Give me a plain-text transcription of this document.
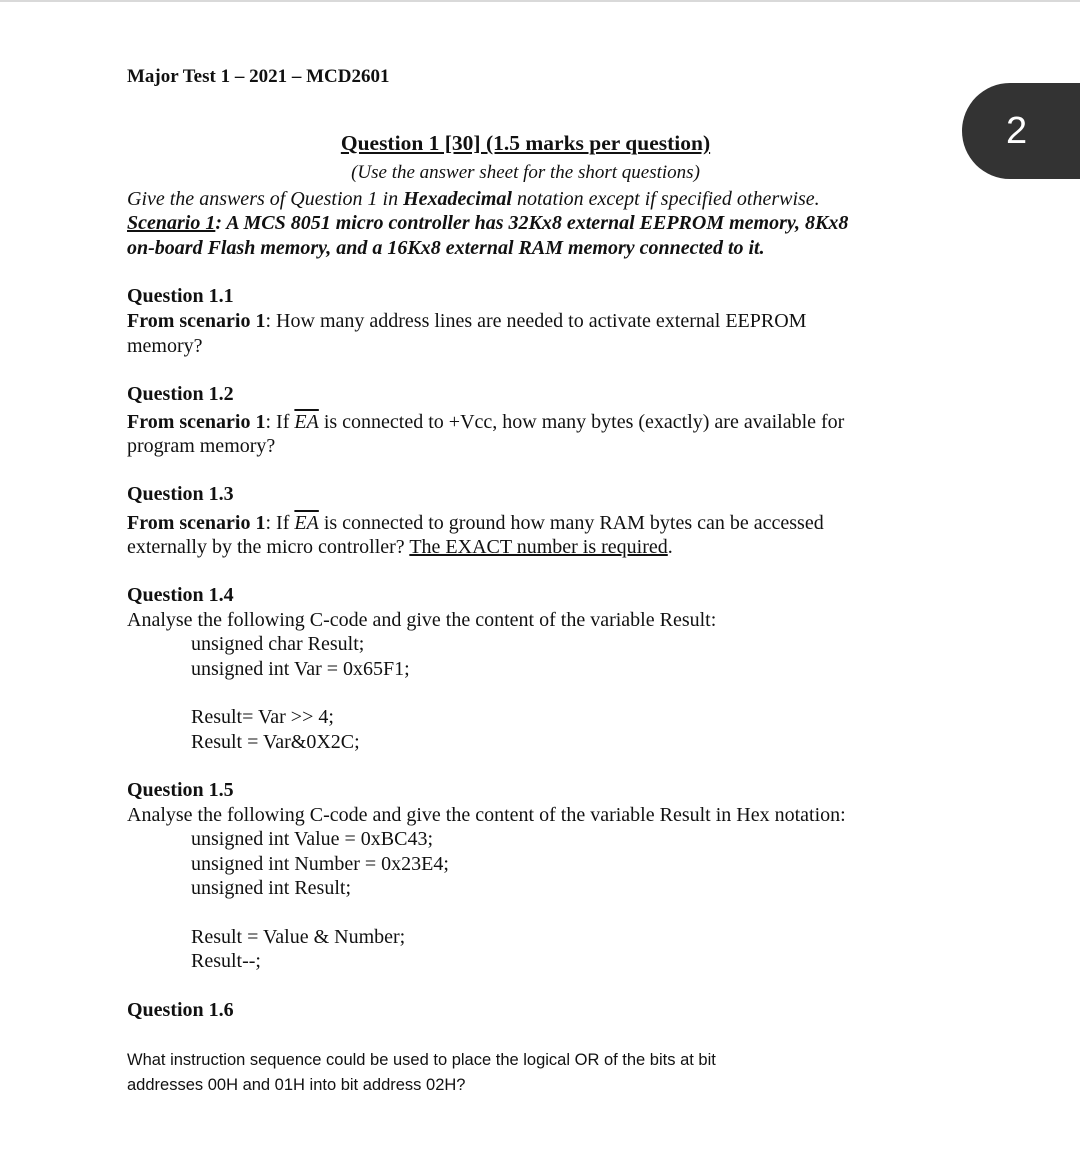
2
Major Test 1 – 2021 – MCD2601
Question 1 [30] (1.5 marks per question)
(Use the answer sheet for the short questions)
Give the answers of Question 1 in Hexadecimal notation except if specified otherwise.
Scenario 1: A MCS 8051 micro controller has 32Kx8 external EEPROM memory, 8Kx8
on-board Flash memory, and a 16Kx8 external RAM memory connected to it.
Question 1.1
From scenario 1: How many address lines are needed to activate external EEPROM
memory?
Question 1.2
From scenario 1: If $\overline{EA}$ is connected to +Vcc, how many bytes (exactly) are available for
program memory?
Question 1.3
From scenario 1: If $\overline{EA}$ is connected to ground how many RAM bytes can be accessed
externally by the micro controller? The EXACT number is required.
Question 1.4
Analyse the following C-code and give the content of the variable Result:
unsigned char Result;
unsigned int Var = 0x65F1;
Result= Var >> 4;
Result = Var&0X2C;
Question 1.5
Analyse the following C-code and give the content of the variable Result in Hex notation:
unsigned int Value = 0xBC43;
unsigned int Number = 0x23E4;
unsigned int Result;
Result = Value & Number;
Result--;
Question 1.6
What instruction sequence could be used to place the logical OR of the bits at bit
addresses 00H and 01H into bit address 02H?
